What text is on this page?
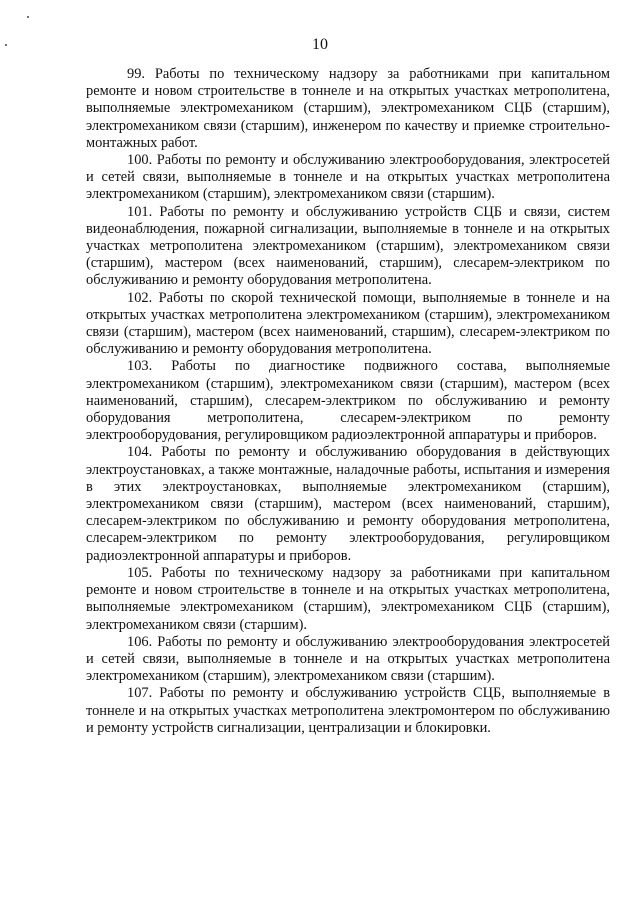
10

99. Работы по техническому надзору за работниками при капитальном ремонте и новом строительстве в тоннеле и на открытых участках метрополитена, выполняемые электромехаником (старшим), электромехаником СЦБ (старшим), электромехаником связи (старшим), инженером по качеству и приемке строительно-монтажных работ.

100. Работы по ремонту и обслуживанию электрооборудования, электросетей и сетей связи, выполняемые в тоннеле и на открытых участках метрополитена электромехаником (старшим), электромехаником связи (старшим).

101. Работы по ремонту и обслуживанию устройств СЦБ и связи, систем видеонаблюдения, пожарной сигнализации, выполняемые в тоннеле и на открытых участках метрополитена электромехаником (старшим), электромехаником связи (старшим), мастером (всех наименований, старшим), слесарем-электриком по обслуживанию и ремонту оборудования метрополитена.

102. Работы по скорой технической помощи, выполняемые в тоннеле и на открытых участках метрополитена электромехаником (старшим), электромехаником связи (старшим), мастером (всех наименований, старшим), слесарем-электриком по обслуживанию и ремонту оборудования метрополитена.

103. Работы по диагностике подвижного состава, выполняемые электромехаником (старшим), электромехаником связи (старшим), мастером (всех наименований, старшим), слесарем-электриком по обслуживанию и ремонту оборудования метрополитена, слесарем-электриком по ремонту электрооборудования, регулировщиком радиоэлектронной аппаратуры и приборов.

104. Работы по ремонту и обслуживанию оборудования в действующих электроустановках, а также монтажные, наладочные работы, испытания и измерения в этих электроустановках, выполняемые электромехаником (старшим), электромехаником связи (старшим), мастером (всех наименований, старшим), слесарем-электриком по обслуживанию и ремонту оборудования метрополитена, слесарем-электриком по ремонту электрооборудования, регулировщиком радиоэлектронной аппаратуры и приборов.

105. Работы по техническому надзору за работниками при капитальном ремонте и новом строительстве в тоннеле и на открытых участках метрополитена, выполняемые электромехаником (старшим), электромехаником СЦБ (старшим), электромехаником связи (старшим).

106. Работы по ремонту и обслуживанию электрооборудования электросетей и сетей связи, выполняемые в тоннеле и на открытых участках метрополитена электромехаником (старшим), электромехаником связи (старшим).

107. Работы по ремонту и обслуживанию устройств СЦБ, выполняемые в тоннеле и на открытых участках метрополитена электромонтером по обслуживанию и ремонту устройств сигнализации, централизации и блокировки.
